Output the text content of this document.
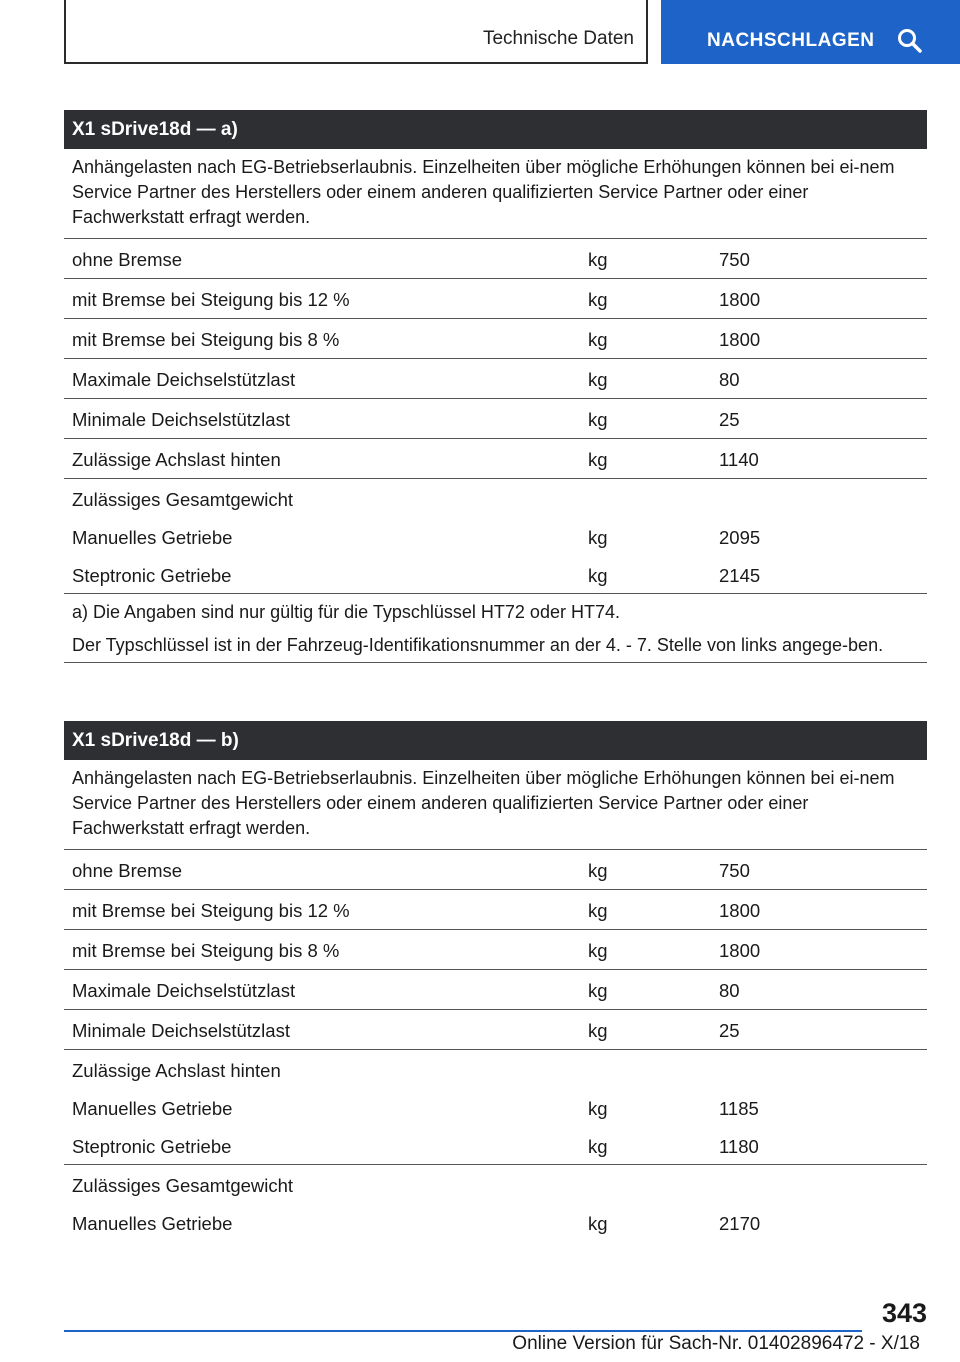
Technische Daten	NACHSCHLAGEN
X1 sDrive18d — a)
Anhängelasten nach EG-Betriebserlaubnis. Einzelheiten über mögliche Erhöhungen können bei ei-nem Service Partner des Herstellers oder einem anderen qualifizierten Service Partner oder einer Fachwerkstatt erfragt werden.
ohne Bremse	kg	750
mit Bremse bei Steigung bis 12 %	kg	1800
mit Bremse bei Steigung bis 8 %	kg	1800
Maximale Deichselstützlast	kg	80
Minimale Deichselstützlast	kg	25
Zulässige Achslast hinten	kg	1140
Zulässiges Gesamtgewicht
Manuelles Getriebe	kg	2095
Steptronic Getriebe	kg	2145

a) Die Angaben sind nur gültig für die Typschlüssel HT72 oder HT74.

Der Typschlüssel ist in der Fahrzeug-Identifikationsnummer an der 4. - 7. Stelle von links angege-ben.

X1 sDrive18d — b)
Anhängelasten nach EG-Betriebserlaubnis. Einzelheiten über mögliche Erhöhungen können bei ei-nem Service Partner des Herstellers oder einem anderen qualifizierten Service Partner oder einer Fachwerkstatt erfragt werden.
ohne Bremse	kg	750
mit Bremse bei Steigung bis 12 %	kg	1800
mit Bremse bei Steigung bis 8 %	kg	1800
Maximale Deichselstützlast	kg	80
Minimale Deichselstützlast	kg	25
Zulässige Achslast hinten
Manuelles Getriebe	kg	1185
Steptronic Getriebe	kg	1180
Zulässiges Gesamtgewicht
Manuelles Getriebe	kg	2170
343
Online Version für Sach-Nr. 01402896472 - X/18
